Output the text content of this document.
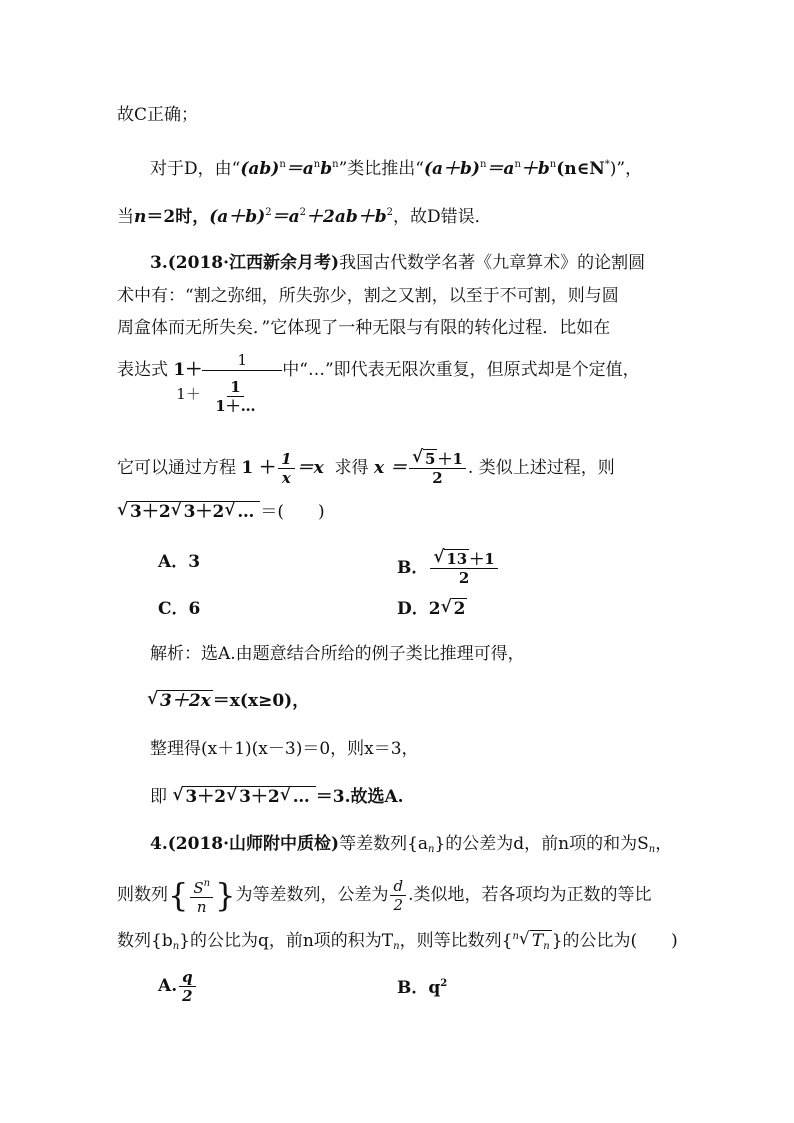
故C正确；
对于D，由“$(ab)^n=a^nb^n$”类比推出“$(a+b)^n=a^n+b^n(n\in N^*)$”，
当n＝2时，$(a+b)^2=a^2+2ab+b^2$，故D错误．
3.(2018·江西新余月考)我国古代数学名著《九章算术》的论割圆
术中有：“割之弥细，所失弥少，割之又割，以至于不可割，则与圆
周盒体而无所失矣．”它体现了一种无限与有限的转化过程．比如在
表达式 1＋	1
$1+ \frac{1}{1+\dots}$
中“…”即代表无限次重复，但原式却是个定值，
它可以通过方程 $1 + \frac{1}{x} =x$ 求得 x ＝ √ $\frac{5 +1}{2}$ . 类似上述过程，则
√ 3＋2 √ 3＋2 √ … ＝(　　)
A．3	B． √ $\frac{13 +1}{2}$
C．6	D．2 √ 2
解析：选A.由题意结合所给的例子类比推理可得，
√ 3＋2x ＝x(x≥0)，
整理得(x＋1)(x－3)＝0，则x＝3，
即 √ 3＋2 √ 3＋2 √ … ＝3.故选A.
4.(2018·山师附中质检)等差数列$\{a_n\}$的公差为d，前n项的和为$S_n$，
则数列{ $\frac{S^n}{n}$ }为等差数列，公差为 $\frac{d}{2}$ .类似地，若各项均为正数的等比
数列$\{b_n\}$的公比为q，前n项的积为$T_n$，则等比数列{$^n$ √ $T_n$ }的公比为(　　)
A. $\frac{q}{2}$	B．$q^2$
